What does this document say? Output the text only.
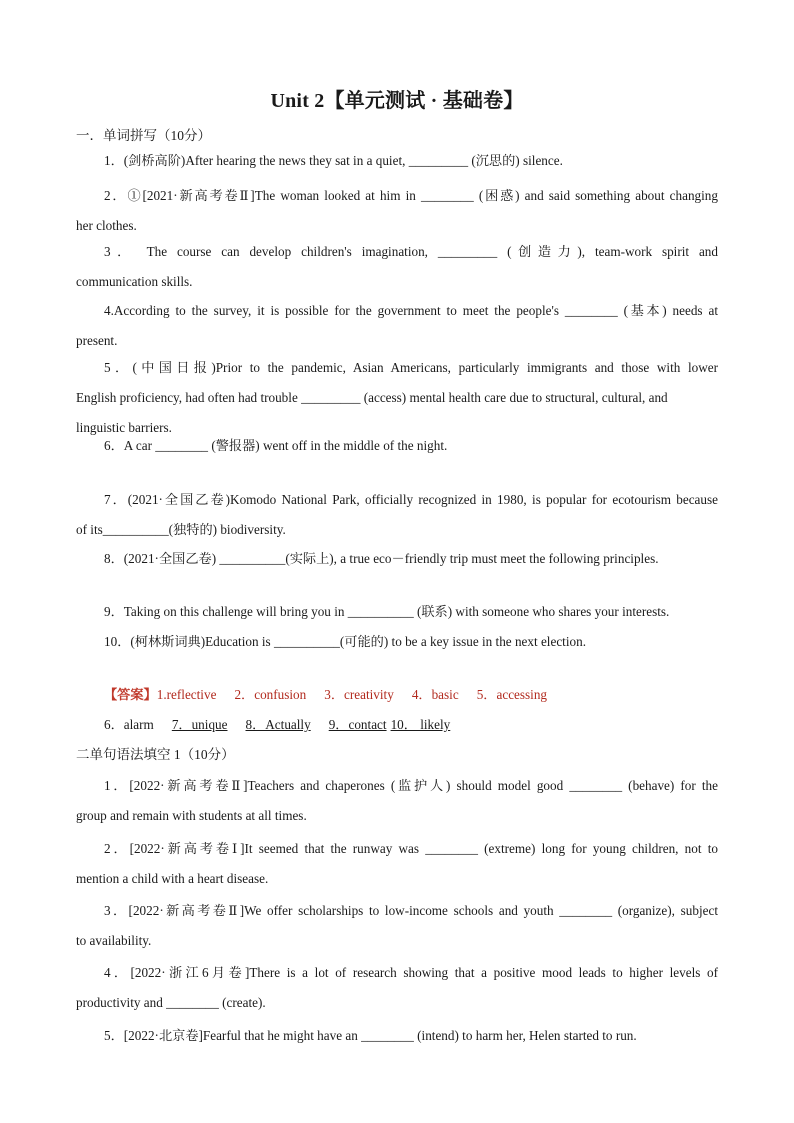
Unit 2【单元测试 · 基础卷】
一．单词拼写（10分）
1．(剑桥高阶)After hearing the news they sat in a quiet, _________ (沉思的) silence.
2．①[2021·新高考卷Ⅱ]The woman looked at him in ________ (困惑) and said something about changing
her clothes.
3． The course can develop children's imagination, _________ (创造力), team-work spirit and
communication skills.
4.According to the survey, it is possible for the government to meet the people's ________ (基本) needs at
present.
5．(中国日报)Prior to the pandemic, Asian Americans, particularly immigrants and those with lower
English proficiency, had often had trouble _________ (access) mental health care due to structural, cultural, and
linguistic barriers.
6．A car ________ (警报器) went off in the middle of the night.
7．(2021·全国乙卷)Komodo National Park, officially recognized in 1980, is popular for ecotourism because
of its__________(独特的) biodiversity.
8．(2021·全国乙卷) __________(实际上), a true eco－friendly trip must meet the following principles.
9．Taking on this challenge will bring you in __________ (联系) with someone who shares your interests.
10．(柯林斯词典)Education is __________(可能的) to be a key issue in the next election.
【答案】1.reflective 2．confusion 3．creativity 4．basic 5．accessing
6．alarm 7．unique 8．Actually 9．contact 10． likely
二单句语法填空 1（10分）
1．[2022·新高考卷Ⅱ]Teachers and chaperones (监护人) should model good ________ (behave) for the
group and remain with students at all times.
2．[2022·新高考卷Ⅰ]It seemed that the runway was ________ (extreme) long for young children, not to
mention a child with a heart disease.
3．[2022·新高考卷Ⅱ]We offer scholarships to low-income schools and youth ________ (organize), subject
to availability.
4．[2022·浙江6月卷]There is a lot of research showing that a positive mood leads to higher levels of
productivity and ________ (create).
5．[2022·北京卷]Fearful that he might have an ________ (intend) to harm her, Helen started to run.
